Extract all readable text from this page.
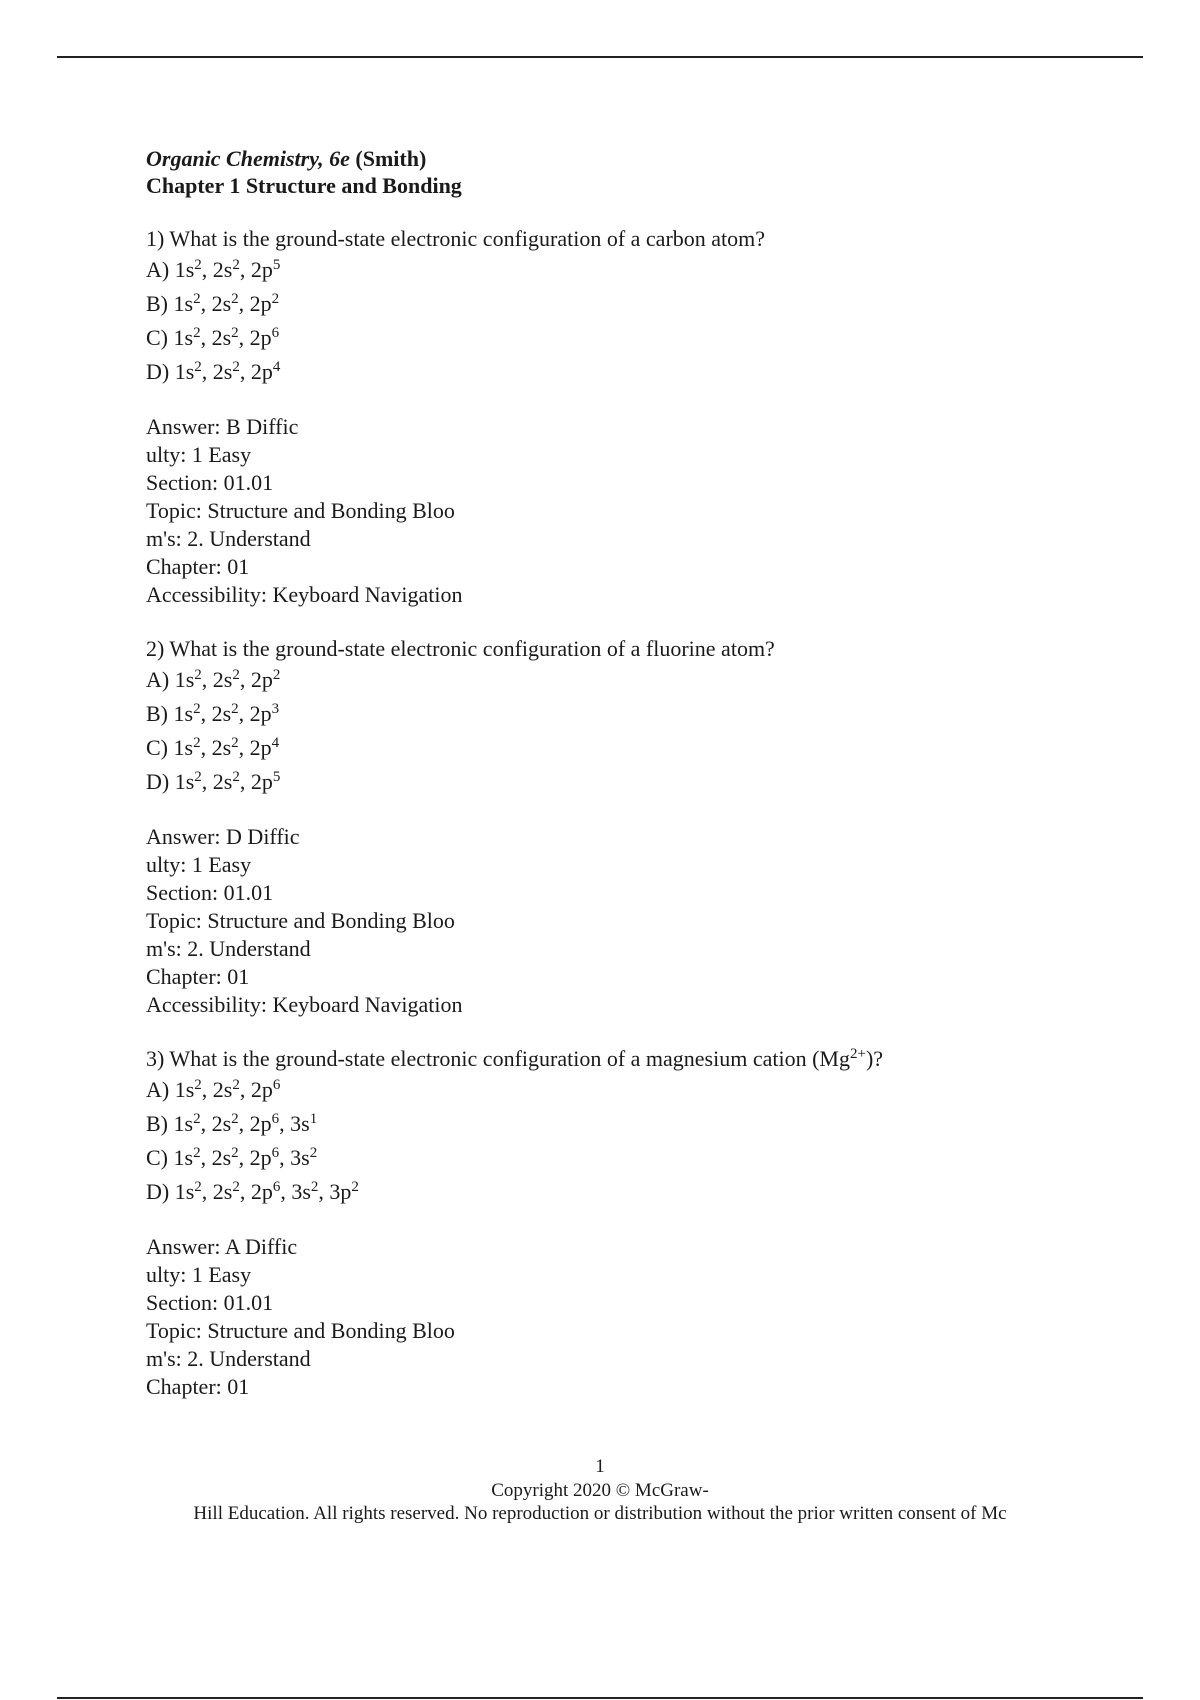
Organic Chemistry, 6e (Smith)
Chapter 1 Structure and Bonding
1) What is the ground-state electronic configuration of a carbon atom?
A) $1s^2$, $2s^2$, $2p^5$
B) $1s^2$, $2s^2$, $2p^2$
C) $1s^2$, $2s^2$, $2p^6$
D) $1s^2$, $2s^2$, $2p^4$
Answer: B Diffic
ulty: 1 Easy
Section: 01.01
Topic: Structure and Bonding Bloo
m's: 2. Understand
Chapter: 01
Accessibility: Keyboard Navigation
2) What is the ground-state electronic configuration of a fluorine atom?
A) $1s^2$, $2s^2$, $2p^2$
B) $1s^2$, $2s^2$, $2p^3$
C) $1s^2$, $2s^2$, $2p^4$
D) $1s^2$, $2s^2$, $2p^5$
Answer: D Diffic
ulty: 1 Easy
Section: 01.01
Topic: Structure and Bonding Bloo
m's: 2. Understand
Chapter: 01
Accessibility: Keyboard Navigation
3) What is the ground-state electronic configuration of a magnesium cation $(Mg^{2+})$?
A) $1s^2$, $2s^2$, $2p^6$
B) $1s^2$, $2s^2$, $2p^6$, $3s^1$
C) $1s^2$, $2s^2$, $2p^6$, $3s^2$
D) $1s^2$, $2s^2$, $2p^6$, $3s^2$, $3p^2$
Answer: A Diffic
ulty: 1 Easy
Section: 01.01
Topic: Structure and Bonding Bloo
m's: 2. Understand
Chapter: 01
1
Copyright 2020 © McGraw-
Hill Education. All rights reserved. No reproduction or distribution without the prior written consent of Mc
